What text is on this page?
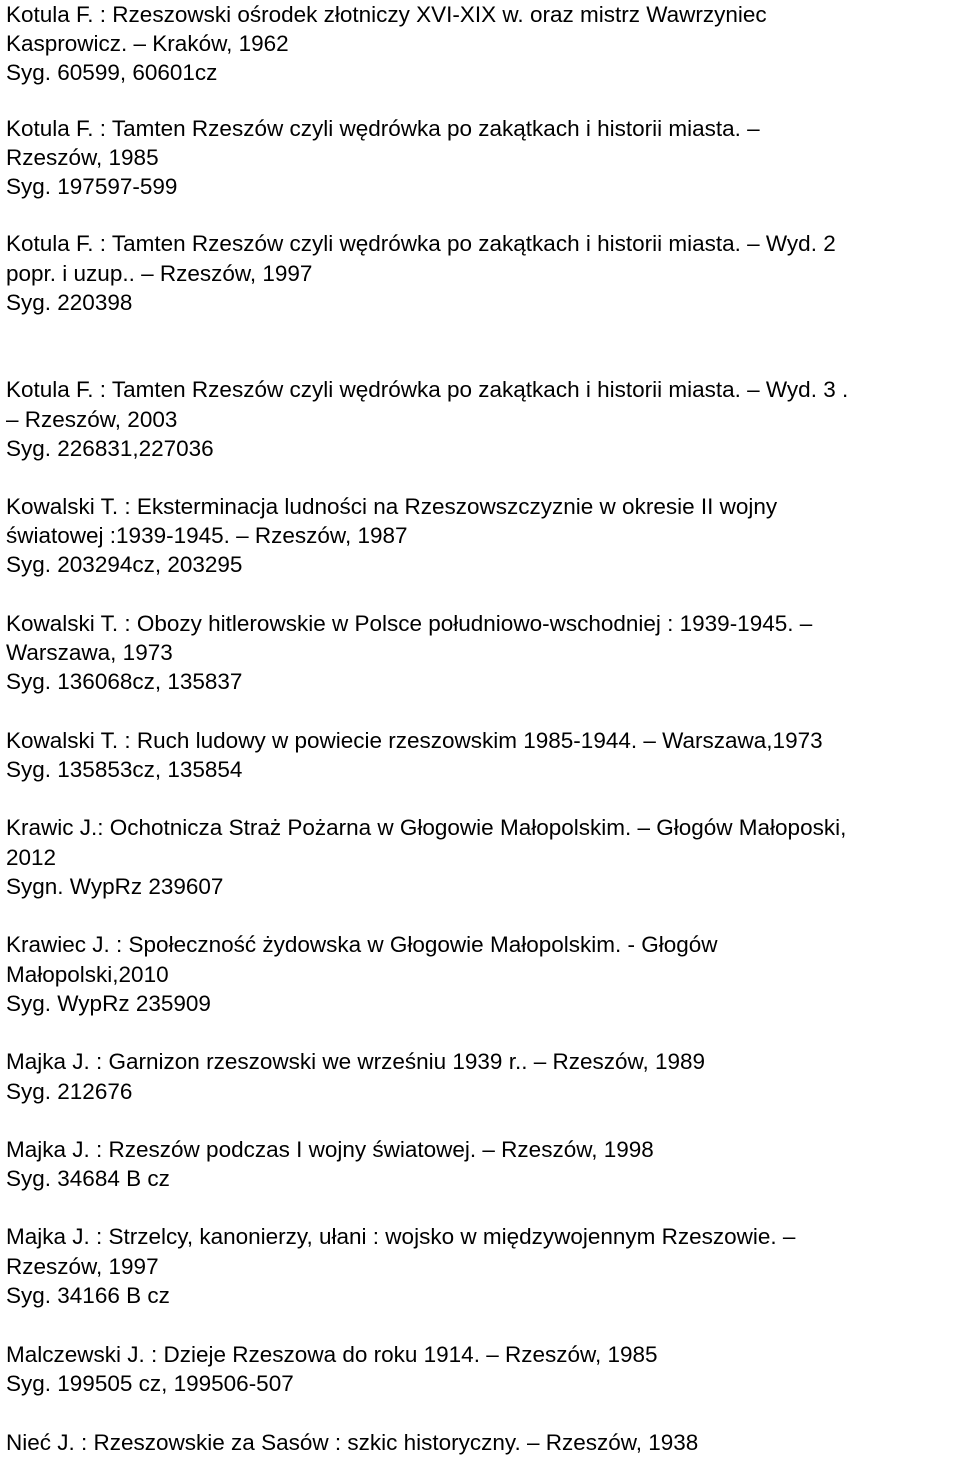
Kotula F. : Rzeszowski ośrodek złotniczy XVI-XIX w. oraz mistrz Wawrzyniec
Kasprowicz. – Kraków, 1962
Syg. 60599, 60601cz
Kotula F. : Tamten Rzeszów czyli wędrówka po zakątkach i historii miasta. –
Rzeszów, 1985
Syg. 197597-599
Kotula F. : Tamten Rzeszów czyli wędrówka po zakątkach i historii miasta. – Wyd. 2
popr. i uzup.. – Rzeszów, 1997
Syg. 220398
Kotula F. : Tamten Rzeszów czyli wędrówka po zakątkach i historii miasta. – Wyd. 3 .
– Rzeszów, 2003
Syg. 226831,227036
Kowalski T. : Eksterminacja ludności na Rzeszowszczyznie w okresie II wojny
światowej :1939-1945. – Rzeszów, 1987
Syg. 203294cz, 203295
Kowalski T. : Obozy hitlerowskie w Polsce południowo-wschodniej : 1939-1945. –
Warszawa, 1973
Syg. 136068cz, 135837
Kowalski T. : Ruch ludowy w powiecie rzeszowskim 1985-1944. – Warszawa,1973
Syg. 135853cz, 135854
Krawic J.: Ochotnicza Straż Pożarna w Głogowie Małopolskim. – Głogów Małoposki,
2012
Sygn. WypRz 239607
Krawiec J. : Społeczność żydowska w Głogowie Małopolskim. - Głogów
Małopolski,2010
Syg. WypRz 235909
Majka J. : Garnizon rzeszowski we wrześniu 1939 r.. – Rzeszów, 1989
Syg. 212676
Majka J. : Rzeszów podczas I wojny światowej. – Rzeszów, 1998
Syg. 34684 B cz
Majka J. : Strzelcy, kanonierzy, ułani : wojsko w międzywojennym Rzeszowie. –
Rzeszów, 1997
Syg. 34166 B cz
Malczewski J. : Dzieje Rzeszowa do roku 1914. – Rzeszów, 1985
Syg. 199505 cz, 199506-507
Nieć J. : Rzeszowskie za Sasów : szkic historyczny. – Rzeszów, 1938
